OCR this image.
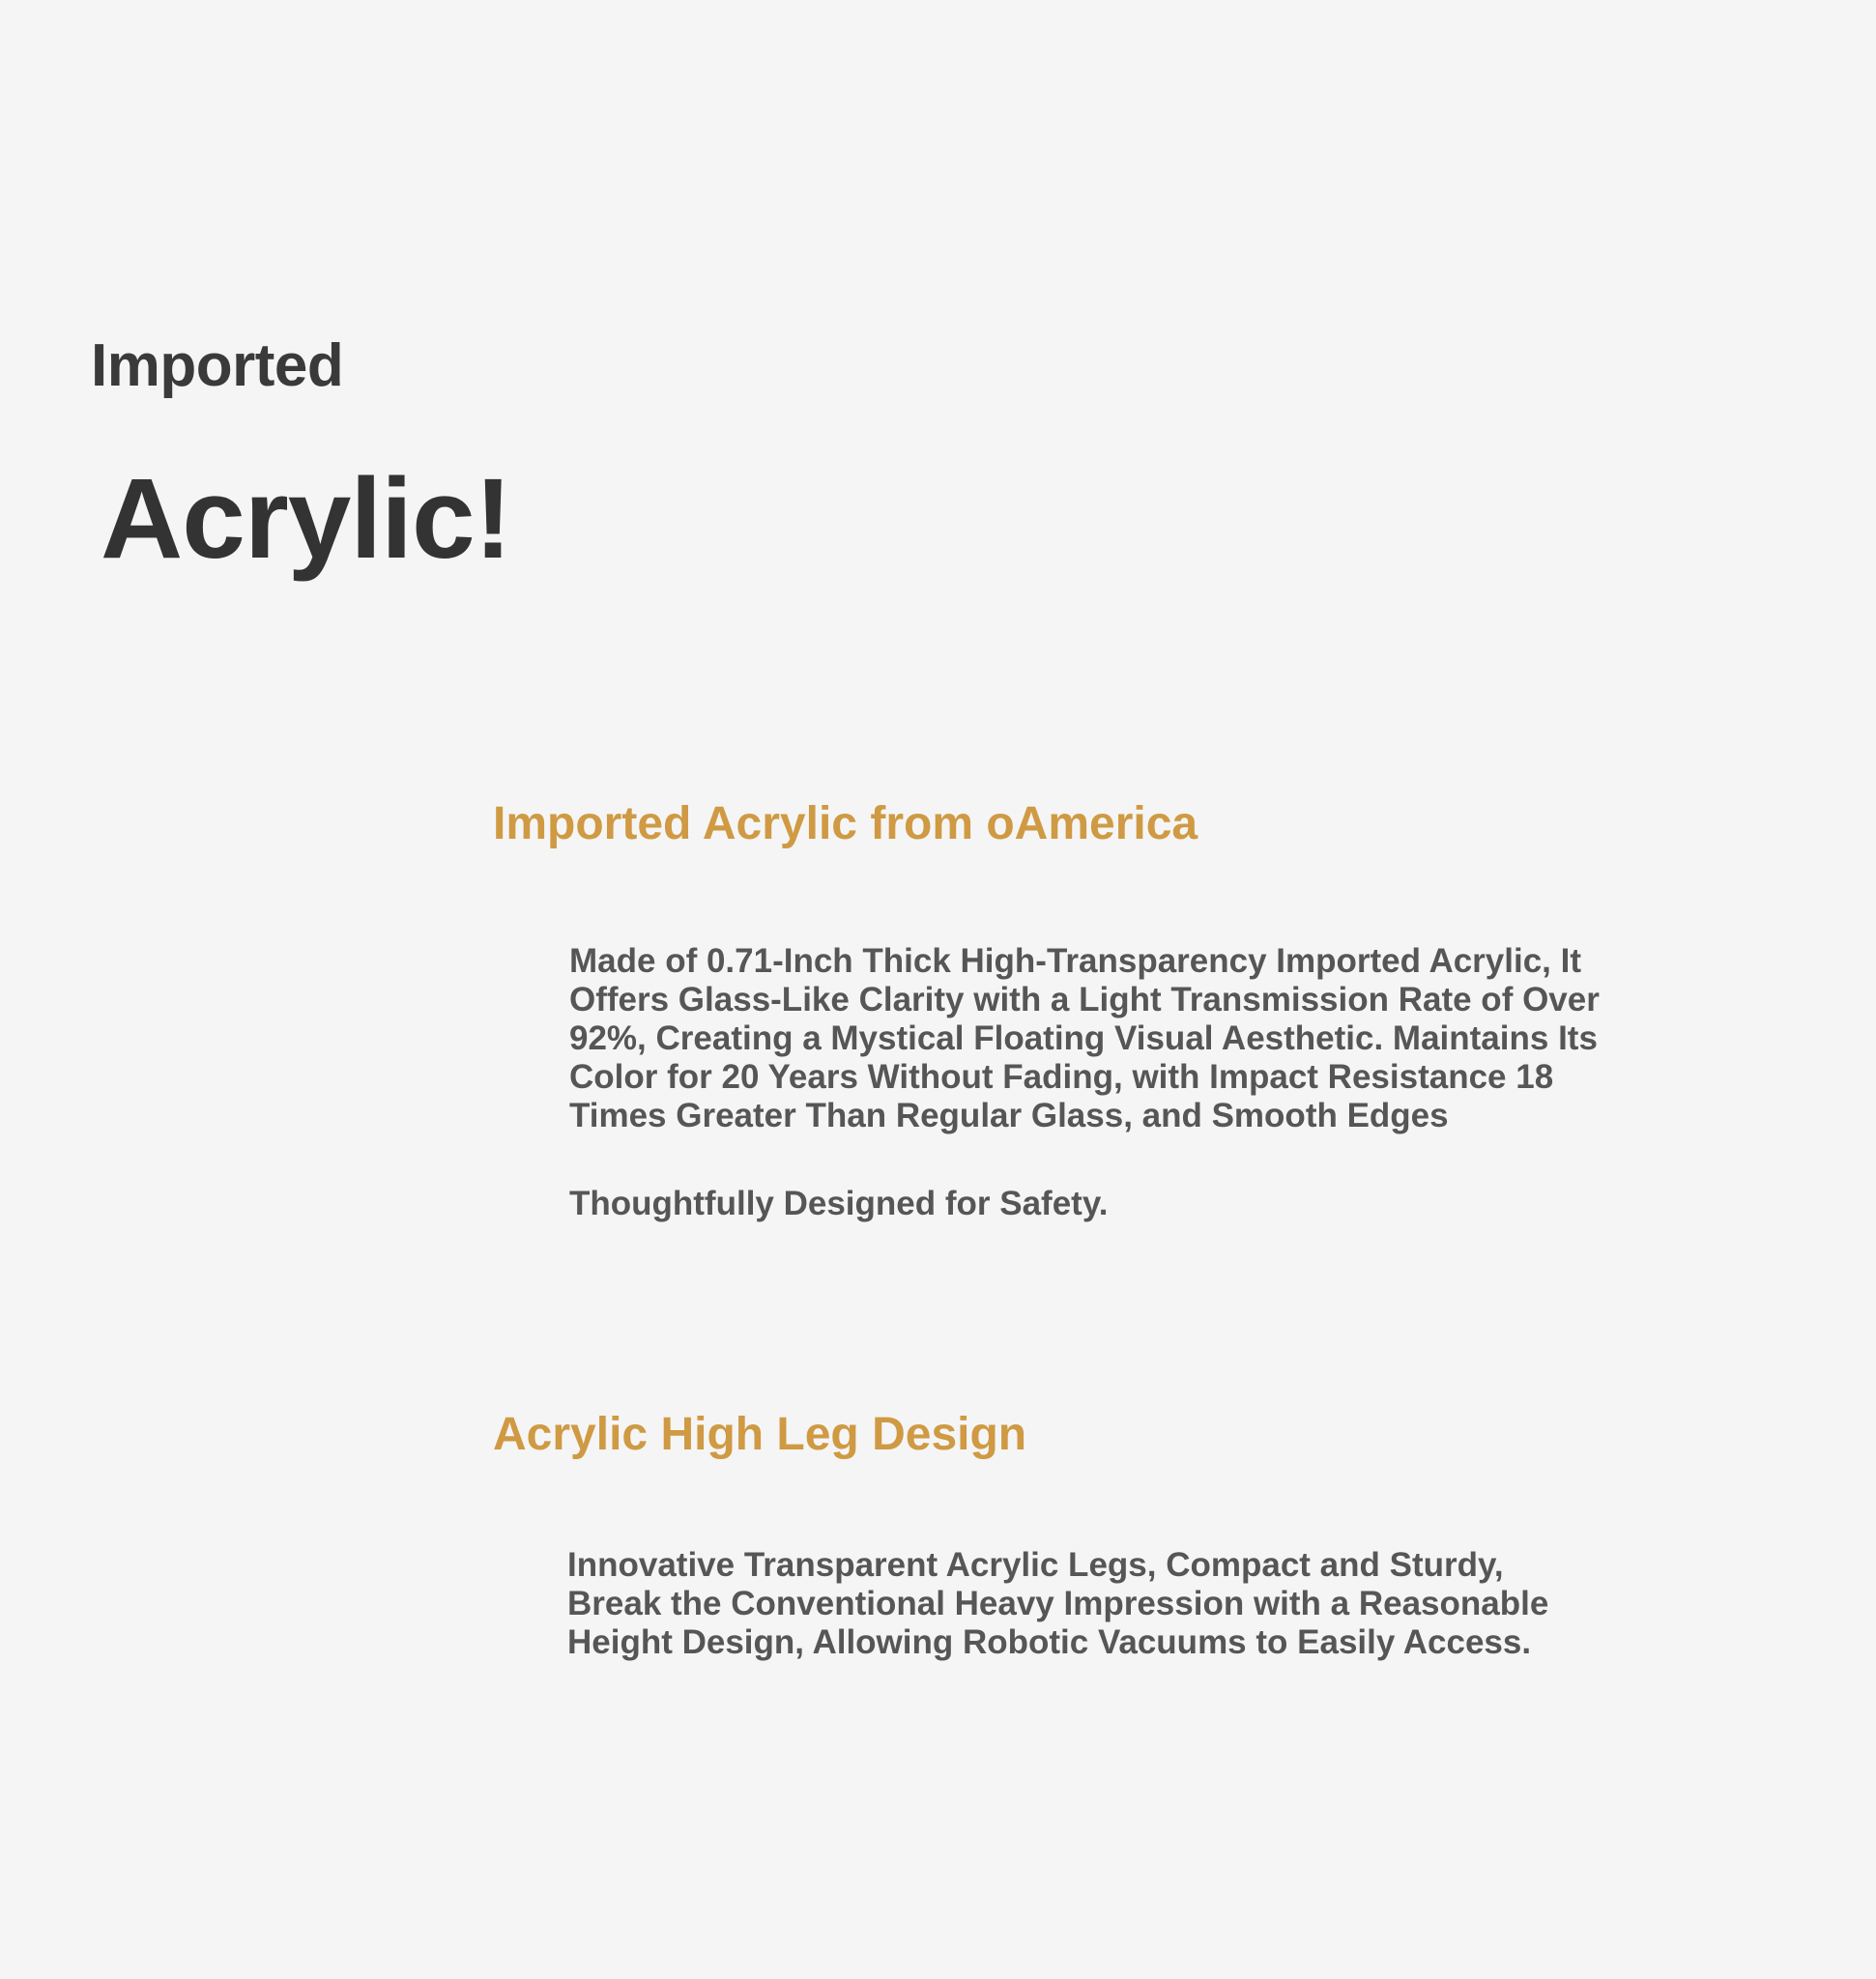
Imported
Acrylic!
Imported Acrylic from oAmerica

Made of 0.71-Inch Thick High-Transparency Imported Acrylic, It Offers Glass-Like Clarity with a Light Transmission Rate of Over 92%, Creating a Mystical Floating Visual Aesthetic. Maintains Its Color for 20 Years Without Fading, with Impact Resistance 18 Times Greater Than Regular Glass, and Smooth Edges

Thoughtfully Designed for Safety.

Acrylic High Leg Design

Innovative Transparent Acrylic Legs, Compact and Sturdy, Break the Conventional Heavy Impression with a Reasonable Height Design, Allowing Robotic Vacuums to Easily Access.
